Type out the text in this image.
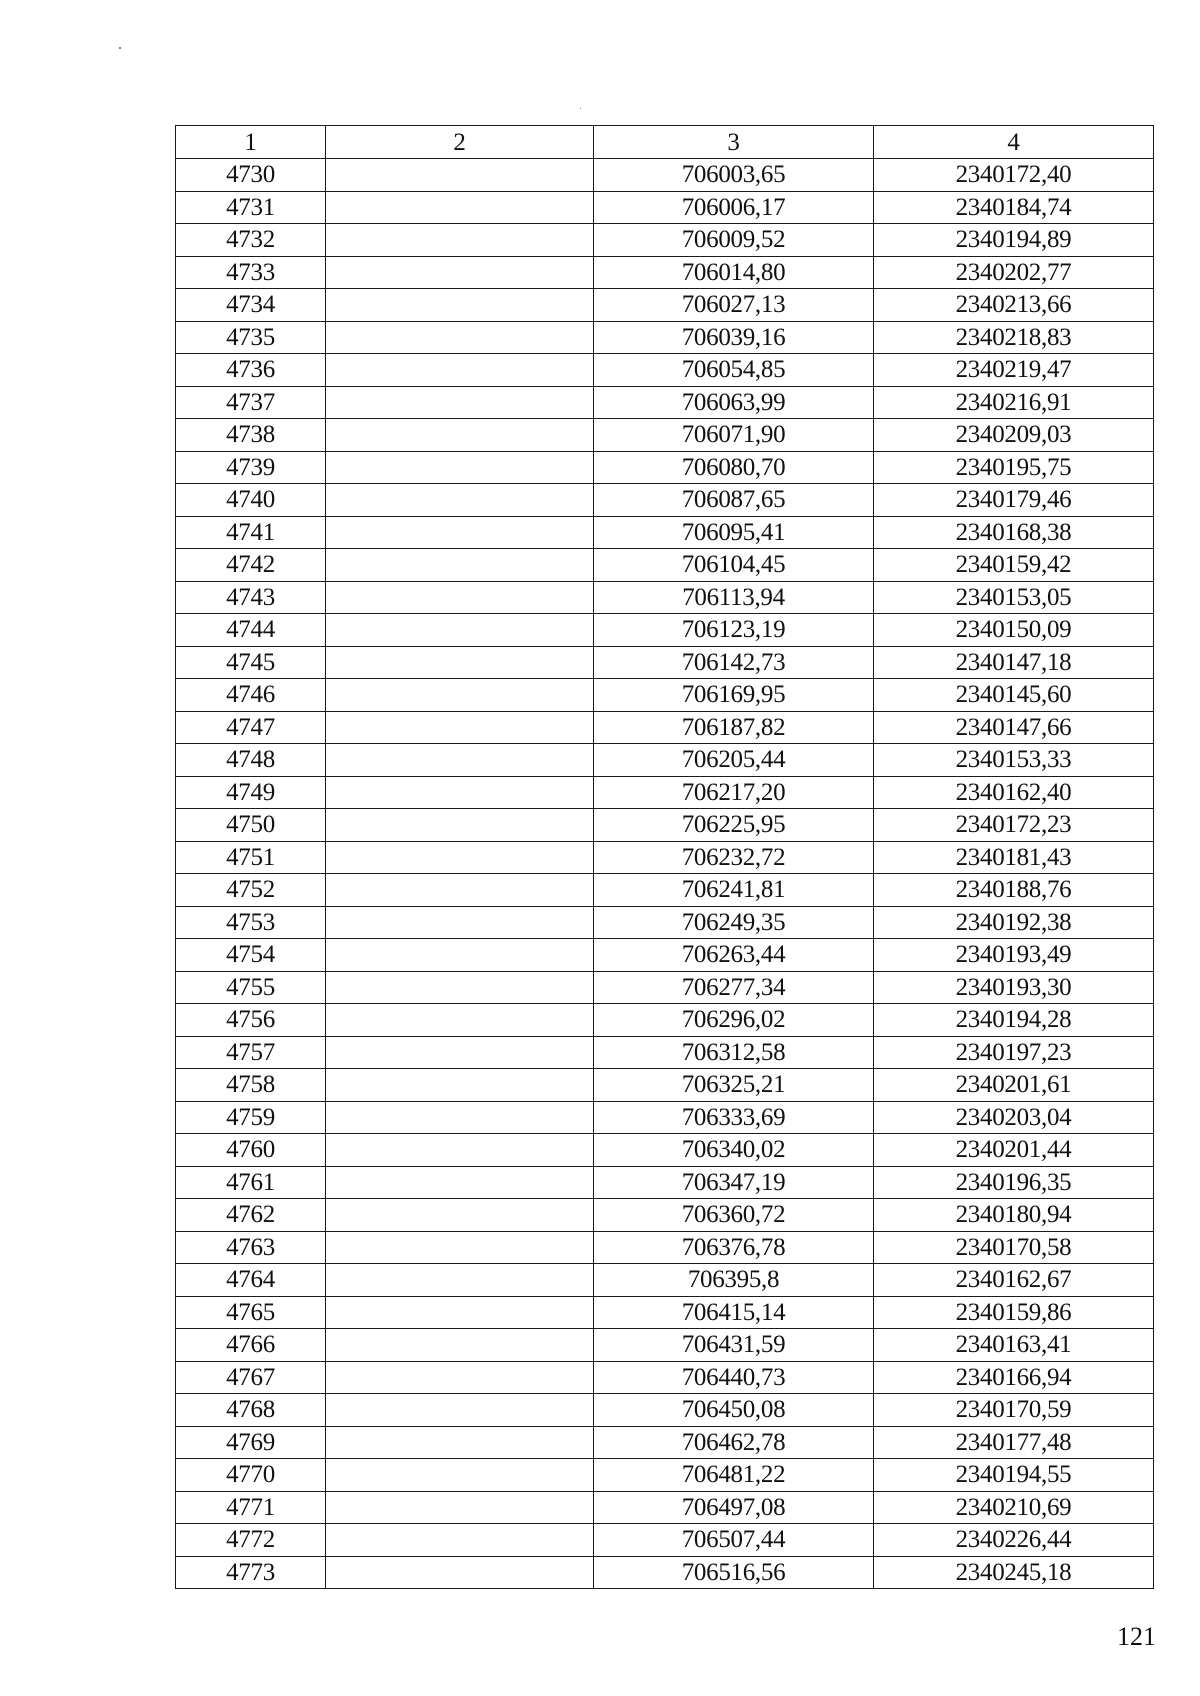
1	2	3	4
4730		706003,65	2340172,40
4731		706006,17	2340184,74
4732		706009,52	2340194,89
4733		706014,80	2340202,77
4734		706027,13	2340213,66
4735		706039,16	2340218,83
4736		706054,85	2340219,47
4737		706063,99	2340216,91
4738		706071,90	2340209,03
4739		706080,70	2340195,75
4740		706087,65	2340179,46
4741		706095,41	2340168,38
4742		706104,45	2340159,42
4743		706113,94	2340153,05
4744		706123,19	2340150,09
4745		706142,73	2340147,18
4746		706169,95	2340145,60
4747		706187,82	2340147,66
4748		706205,44	2340153,33
4749		706217,20	2340162,40
4750		706225,95	2340172,23
4751		706232,72	2340181,43
4752		706241,81	2340188,76
4753		706249,35	2340192,38
4754		706263,44	2340193,49
4755		706277,34	2340193,30
4756		706296,02	2340194,28
4757		706312,58	2340197,23
4758		706325,21	2340201,61
4759		706333,69	2340203,04
4760		706340,02	2340201,44
4761		706347,19	2340196,35
4762		706360,72	2340180,94
4763		706376,78	2340170,58
4764		706395,8	2340162,67
4765		706415,14	2340159,86
4766		706431,59	2340163,41
4767		706440,73	2340166,94
4768		706450,08	2340170,59
4769		706462,78	2340177,48
4770		706481,22	2340194,55
4771		706497,08	2340210,69
4772		706507,44	2340226,44
4773		706516,56	2340245,18
121
